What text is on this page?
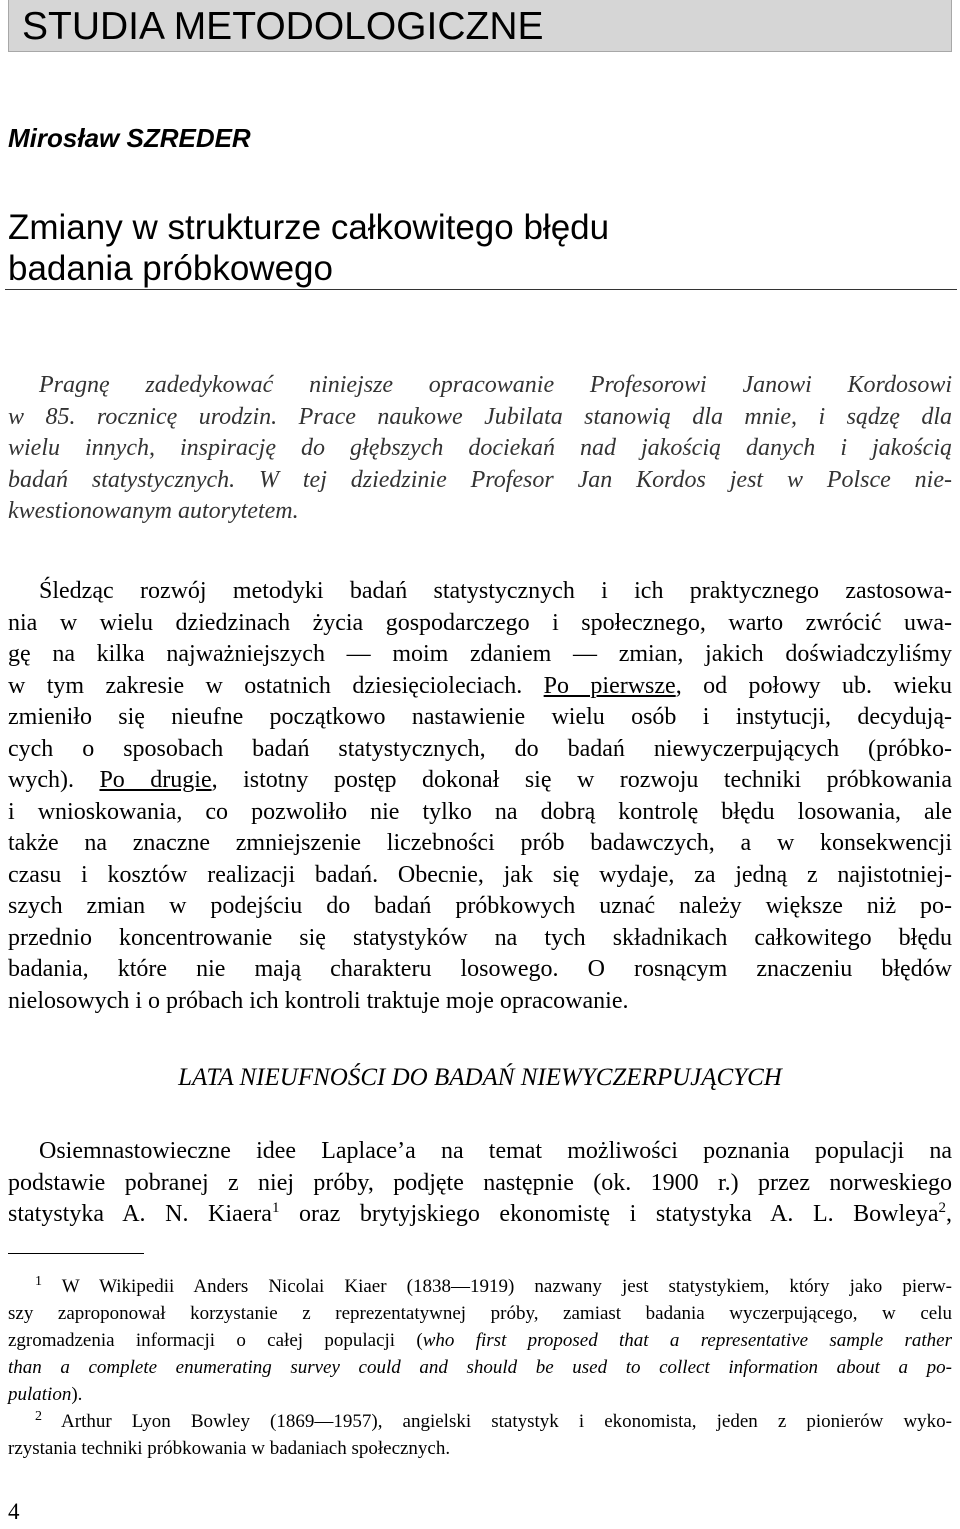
STUDIA METODOLOGICZNE
Mirosław SZREDER
Zmiany w strukturze całkowitego błędu
badania próbkowego
Pragnę zadedykować niniejsze opracowanie Profesorowi Janowi Kordosowi
w 85. rocznicę urodzin. Prace naukowe Jubilata stanowią dla mnie, i sądzę dla
wielu innych, inspirację do głębszych dociekań nad jakością danych i jakością
badań statystycznych. W tej dziedzinie Profesor Jan Kordos jest w Polsce nie-
kwestionowanym autorytetem.
Śledząc rozwój metodyki badań statystycznych i ich praktycznego zastosowa-
nia w wielu dziedzinach życia gospodarczego i społecznego, warto zwrócić uwa-
gę na kilka najważniejszych — moim zdaniem — zmian, jakich doświadczyliśmy
w tym zakresie w ostatnich dziesięcioleciach. Po pierwsze, od połowy ub. wieku
zmieniło się nieufne początkowo nastawienie wielu osób i instytucji, decydują-
cych o sposobach badań statystycznych, do badań niewyczerpujących (próbko-
wych). Po drugie, istotny postęp dokonał się w rozwoju techniki próbkowania
i wnioskowania, co pozwoliło nie tylko na dobrą kontrolę błędu losowania, ale
także na znaczne zmniejszenie liczebności prób badawczych, a w konsekwencji
czasu i kosztów realizacji badań. Obecnie, jak się wydaje, za jedną z najistotniej-
szych zmian w podejściu do badań próbkowych uznać należy większe niż po-
przednio koncentrowanie się statystyków na tych składnikach całkowitego błędu
badania, które nie mają charakteru losowego. O rosnącym znaczeniu błędów
nielosowych i o próbach ich kontroli traktuje moje opracowanie.
LATA NIEUFNOŚCI DO BADAŃ NIEWYCZERPUJĄCYCH
Osiemnastowieczne idee Laplace’a na temat możliwości poznania populacji na
podstawie pobranej z niej próby, podjęte następnie (ok. 1900 r.) przez norweskiego
statystyka A. N. Kiaera$^1$ oraz brytyjskiego ekonomistę i statystyka A. L. Bowleya$^2$,
$^1$ W Wikipedii Anders Nicolai Kiaer (1838—1919) nazwany jest statystykiem, który jako pierw-
szy zaproponował korzystanie z reprezentatywnej próby, zamiast badania wyczerpującego, w celu
zgromadzenia informacji o całej populacji (who first proposed that a representative sample rather
than a complete enumerating survey could and should be used to collect information about a po-
pulation).
$^2$ Arthur Lyon Bowley (1869—1957), angielski statystyk i ekonomista, jeden z pionierów wyko-
rzystania techniki próbkowania w badaniach społecznych.
4
